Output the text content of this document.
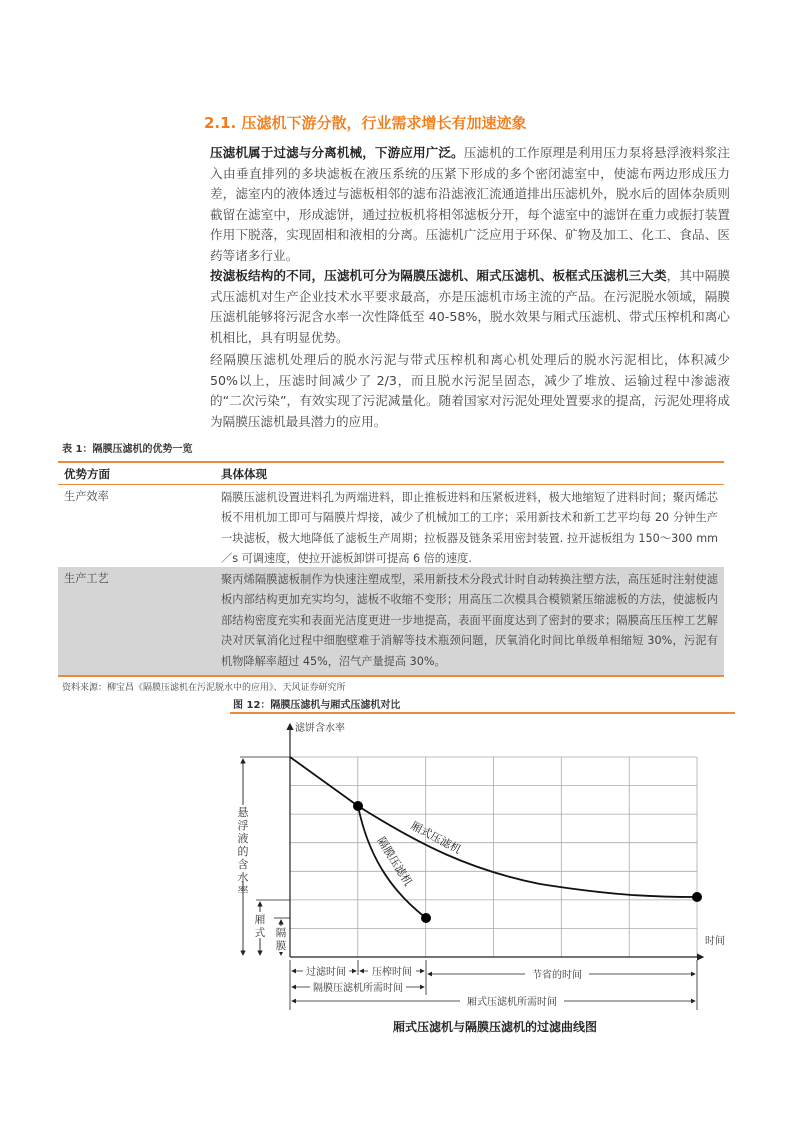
2.1. 压滤机下游分散，行业需求增长有加速迹象
压滤机属于过滤与分离机械，下游应用广泛。压滤机的工作原理是利用压力泵将悬浮液料浆注入由垂直排列的多块滤板在液压系统的压紧下形成的多个密闭滤室中，使滤布两边形成压力差，滤室内的液体透过与滤板相邻的滤布沿滤液汇流通道排出压滤机外，脱水后的固体杂质则截留在滤室中，形成滤饼，通过拉板机将相邻滤板分开，每个滤室中的滤饼在重力或振打装置作用下脱落，实现固相和液相的分离。压滤机广泛应用于环保、矿物及加工、化工、食品、医药等诸多行业。
按滤板结构的不同，压滤机可分为隔膜压滤机、厢式压滤机、板框式压滤机三大类，其中隔膜式压滤机对生产企业技术水平要求最高，亦是压滤机市场主流的产品。在污泥脱水领域，隔膜压滤机能够将污泥含水率一次性降低至 40-58%，脱水效果与厢式压滤机、带式压榨机和离心机相比，具有明显优势。
经隔膜压滤机处理后的脱水污泥与带式压榨机和离心机处理后的脱水污泥相比，体积减少 50%以上，压滤时间减少了 2/3，而且脱水污泥呈固态，减少了堆放、运输过程中渗滤液的“二次污染”，有效实现了污泥减量化。随着国家对污泥处理处置要求的提高，污泥处理将成为隔膜压滤机最具潜力的应用。
表 1：隔膜压滤机的优势一览
优势方面	具体体现
生产效率	隔膜压滤机设置进料孔为两端进料，即止推板进料和压紧板进料，极大地缩短了进料时间；聚丙烯芯板不用机加工即可与隔膜片焊接，减少了机械加工的工序；采用新技术和新工艺平均每 20 分钟生产一块滤板，极大地降低了滤板生产周期；拉板器及链条采用密封装置. 拉开滤板组为 150～300 mm／s 可调速度，使拉开滤板卸饼可提高 6 倍的速度.
生产工艺	聚丙烯隔膜滤板制作为快速注塑成型，采用新技术分段式计时自动转换注塑方法，高压延时注射使滤板内部结构更加充实均匀，滤板不收缩不变形；用高压二次模具合模锁紧压缩滤板的方法，使滤板内部结构密度充实和表面光洁度更进一步地提高，表面平面度达到了密封的要求；隔膜高压压榨工艺解决对厌氧消化过程中细胞壁难于消解等技术瓶颈问题，厌氧消化时间比单级单相缩短 30%，污泥有机物降解率超过 45%，沼气产量提高 30%。
资料来源：柳宝昌《隔膜压滤机在污泥脱水中的应用》、天风证券研究所
图 12：隔膜压滤机与厢式压滤机对比
滤饼含水率
时间
悬
浮
液
的
含
水
率
厢
式 隔
膜
厢式压滤机
隔膜压滤机
过滤时间	压榨时间	节省的时间
隔膜压滤机所需时间
厢式压滤机所需时间
厢式压滤机与隔膜压滤机的过滤曲线图
